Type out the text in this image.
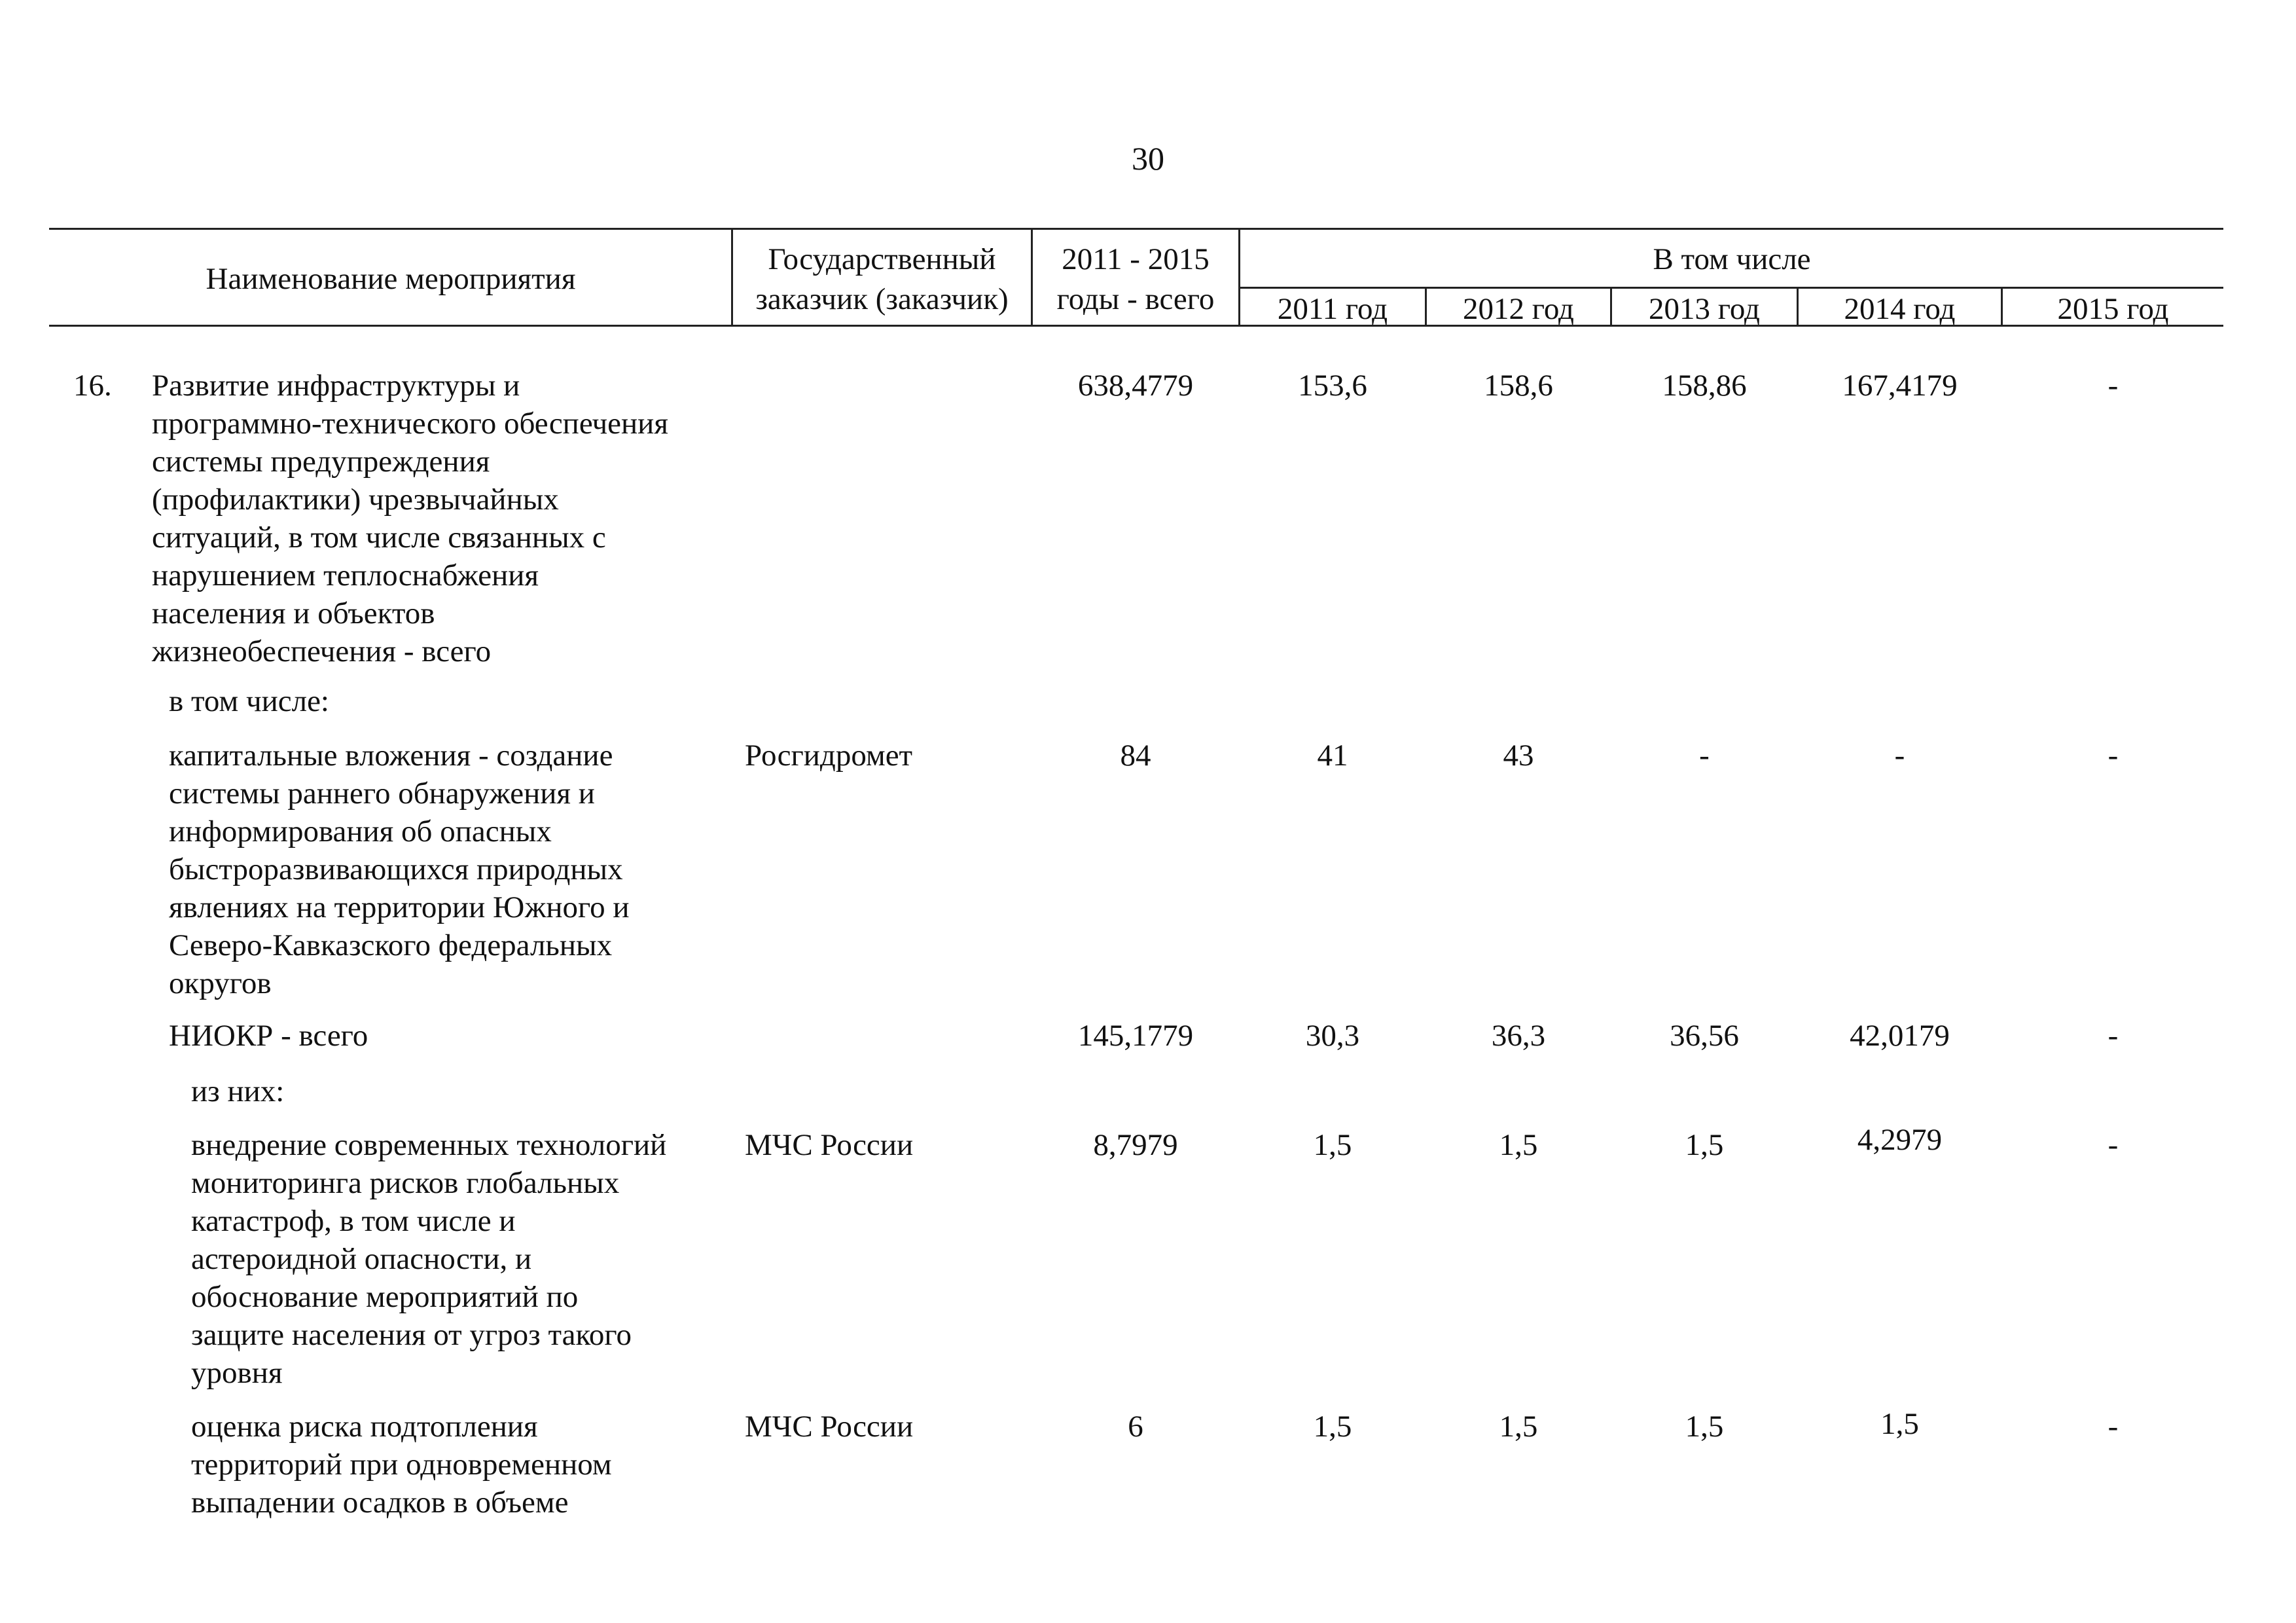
30
Наименование мероприятия
Государственный
заказчик (заказчик)
2011 - 2015
годы - всего
В том числе
2011 год	2012 год	2013 год	2014 год	2015 год
16. Развитие инфраструктуры и
программно-технического обеспечения
системы предупреждения
(профилактики) чрезвычайных
ситуаций, в том числе связанных с
нарушением теплоснабжения
населения и объектов
жизнеобеспечения - всего
638,4779	153,6	158,6	158,86	167,4179	-
в том числе:
капитальные вложения - создание
системы раннего обнаружения и
информирования об опасных
быстроразвивающихся природных
явлениях на территории Южного и
Северо-Кавказского федеральных
округов
Росгидромет	84	41	43	-	-	-
НИОКР - всего	145,1779	30,3	36,3	36,56	42,0179	-
из них:
внедрение современных технологий
мониторинга рисков глобальных
катастроф, в том числе и
астероидной опасности, и
обоснование мероприятий по
защите населения от угроз такого
уровня
МЧС России	8,7979	1,5	1,5	1,5	4,2979	-
оценка риска подтопления
территорий при одновременном
выпадении осадков в объеме
МЧС России	6	1,5	1,5	1,5	1,5	-
